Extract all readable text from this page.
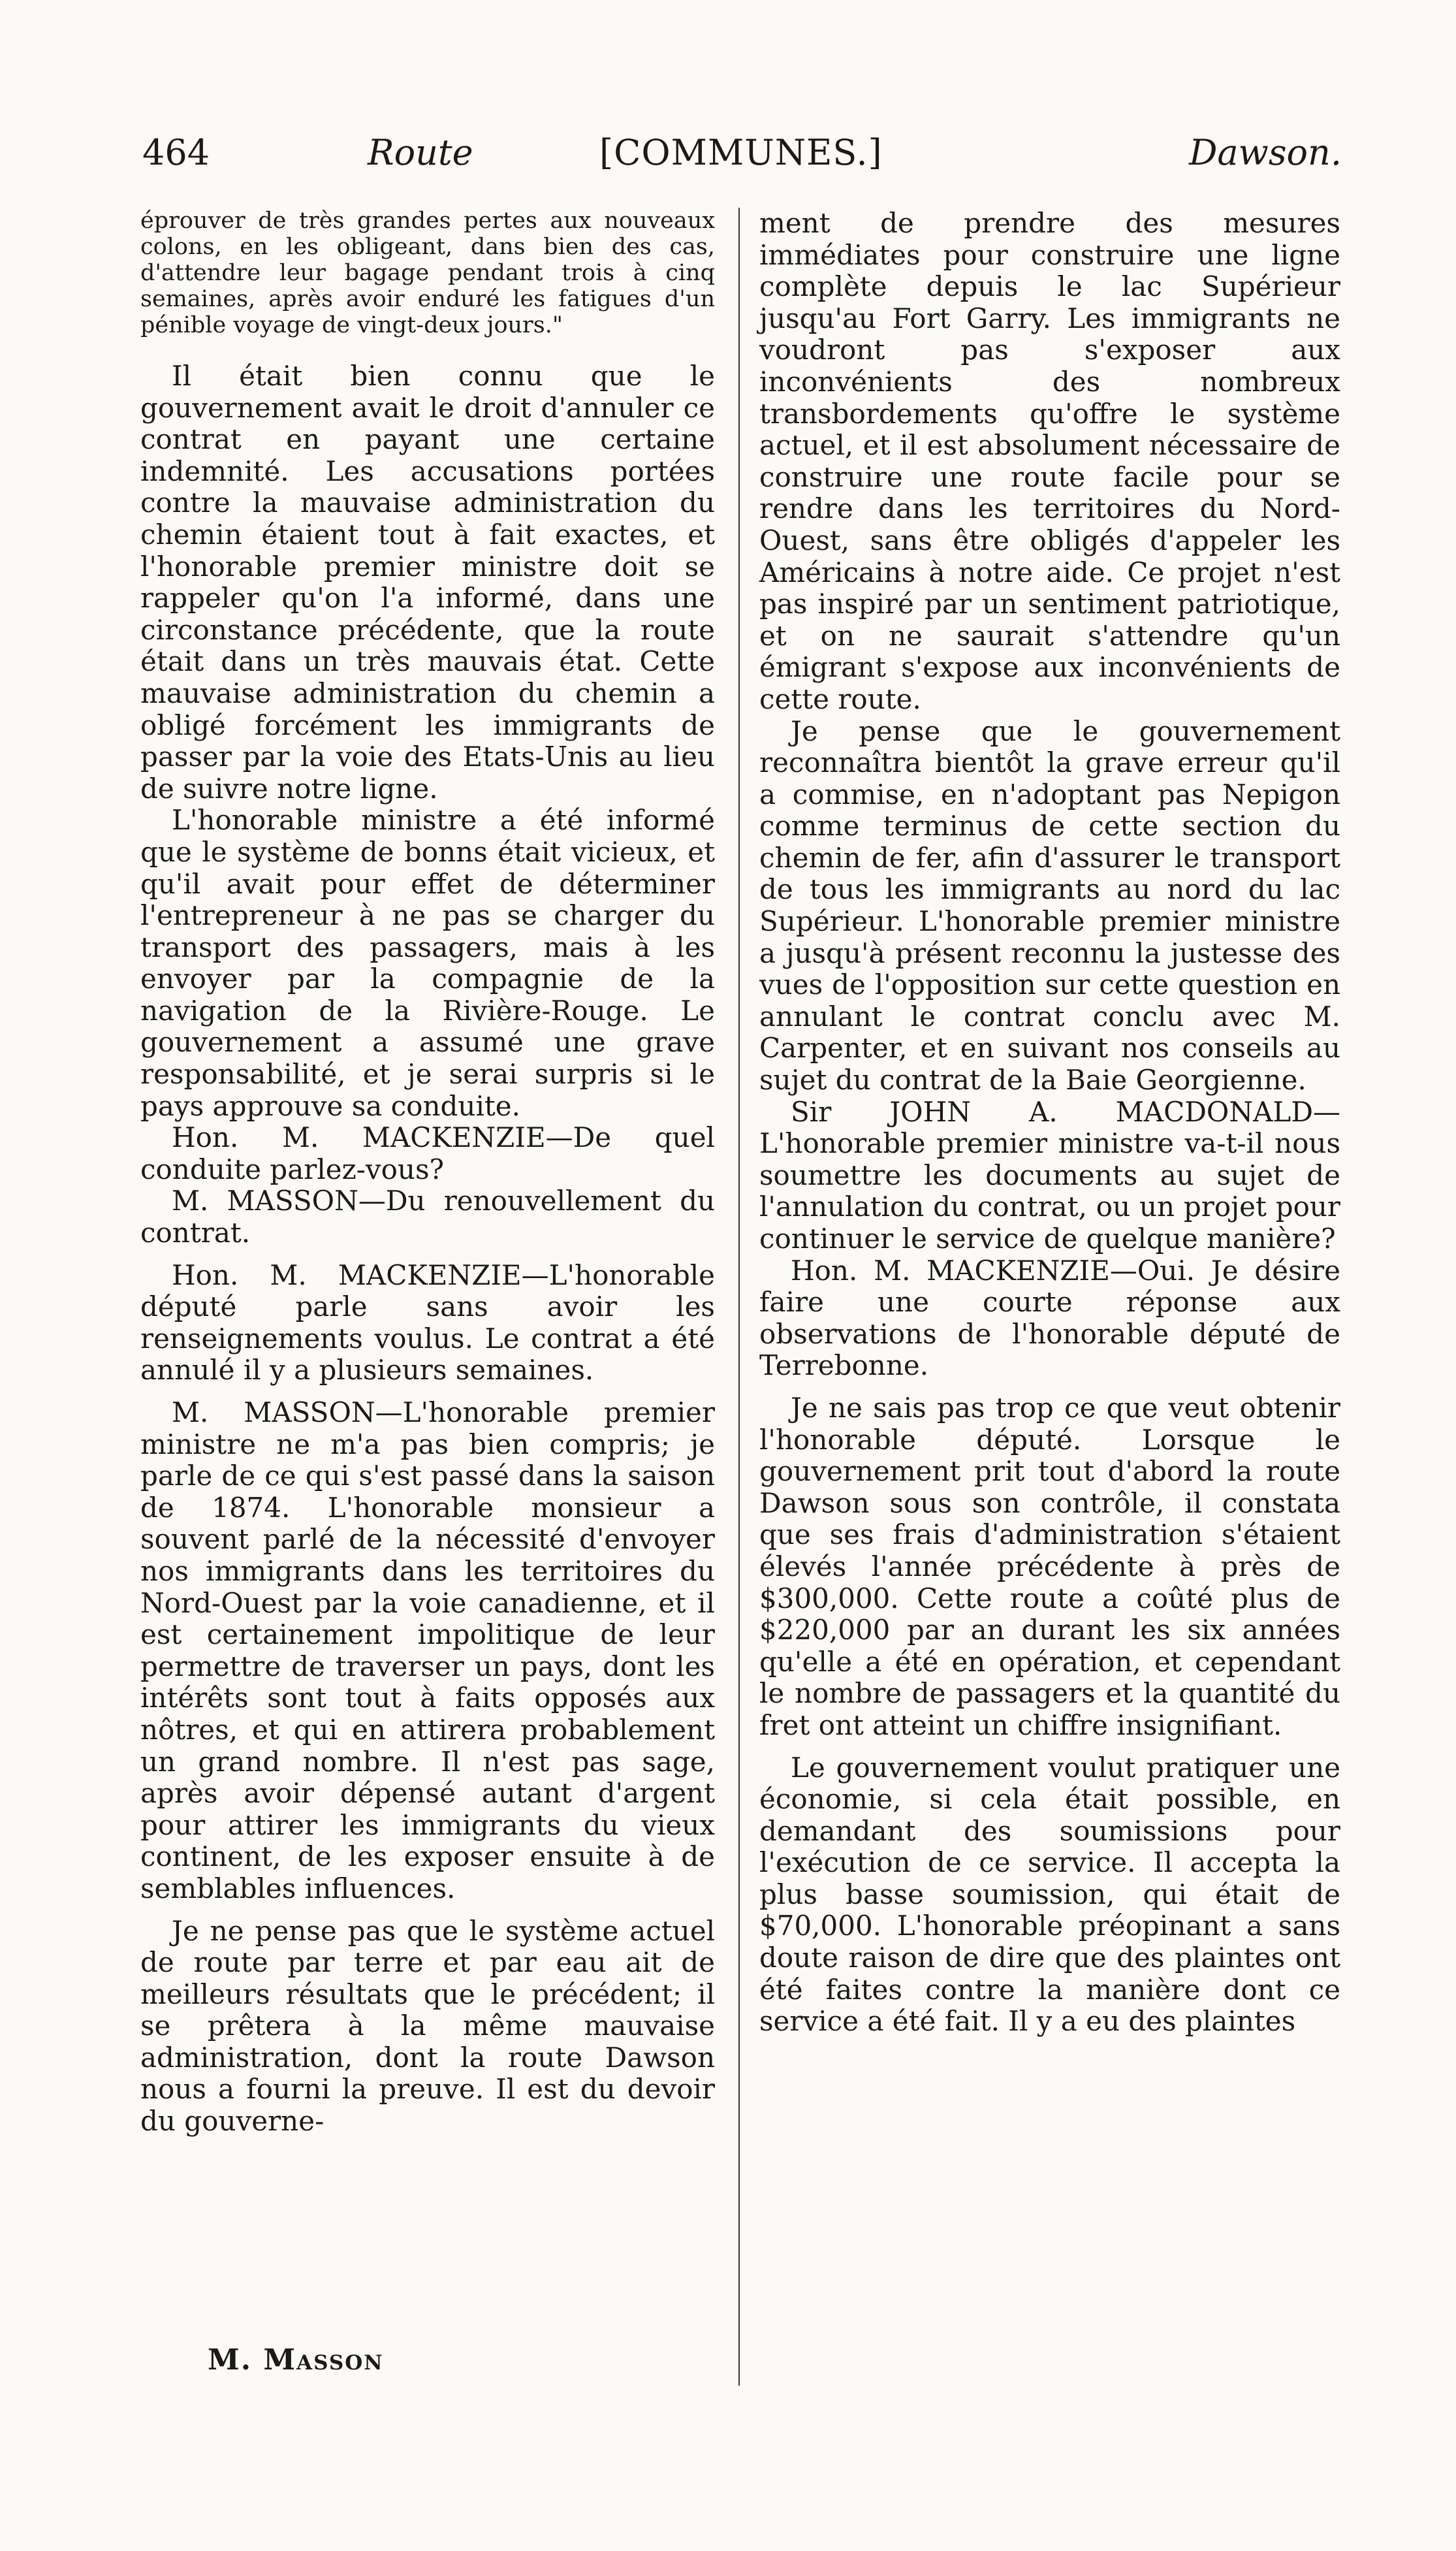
464	Route	[COMMUNES.]	Dawson.

éprouver de très grandes pertes aux nouveaux colons, en les obligeant, dans bien des cas, d'attendre leur bagage pendant trois à cinq semaines, après avoir enduré les fatigues d'un pénible voyage de vingt-deux jours."

Il était bien connu que le gouvernement avait le droit d'annuler ce contrat en payant une certaine indemnité. Les accusations portées contre la mauvaise administration du chemin étaient tout à fait exactes, et l'honorable premier ministre doit se rappeler qu'on l'a informé, dans une circonstance précédente, que la route était dans un très mauvais état. Cette mauvaise administration du chemin a obligé forcément les immigrants de passer par la voie des Etats-Unis au lieu de suivre notre ligne.

L'honorable ministre a été informé que le système de bonns était vicieux, et qu'il avait pour effet de déterminer l'entrepreneur à ne pas se charger du transport des passagers, mais à les envoyer par la compagnie de la navigation de la Rivière-Rouge. Le gouvernement a assumé une grave responsabilité, et je serai surpris si le pays approuve sa conduite.

Hon. M. MACKENZIE—De quel conduite parlez-vous?

M. MASSON—Du renouvellement du contrat.

Hon. M. MACKENZIE—L'honorable député parle sans avoir les renseignements voulus. Le contrat a été annulé il y a plusieurs semaines.

M. MASSON—L'honorable premier ministre ne m'a pas bien compris; je parle de ce qui s'est passé dans la saison de 1874. L'honorable monsieur a souvent parlé de la nécessité d'envoyer nos immigrants dans les territoires du Nord-Ouest par la voie canadienne, et il est certainement impolitique de leur permettre de traverser un pays, dont les intérêts sont tout à faits opposés aux nôtres, et qui en attirera probablement un grand nombre. Il n'est pas sage, après avoir dépensé autant d'argent pour attirer les immigrants du vieux continent, de les exposer ensuite à de semblables influences.

Je ne pense pas que le système actuel de route par terre et par eau ait de meilleurs résultats que le précédent; il se prêtera à la même mauvaise administration, dont la route Dawson nous a fourni la preuve. Il est du devoir du gouverne-

ment de prendre des mesures immédiates pour construire une ligne complète depuis le lac Supérieur jusqu'au Fort Garry. Les immigrants ne voudront pas s'exposer aux inconvénients des nombreux transbordements qu'offre le système actuel, et il est absolument nécessaire de construire une route facile pour se rendre dans les territoires du Nord-Ouest, sans être obligés d'appeler les Américains à notre aide. Ce projet n'est pas inspiré par un sentiment patriotique, et on ne saurait s'attendre qu'un émigrant s'expose aux inconvénients de cette route.

Je pense que le gouvernement reconnaîtra bientôt la grave erreur qu'il a commise, en n'adoptant pas Nepigon comme terminus de cette section du chemin de fer, afin d'assurer le transport de tous les immigrants au nord du lac Supérieur. L'honorable premier ministre a jusqu'à présent reconnu la justesse des vues de l'opposition sur cette question en annulant le contrat conclu avec M. Carpenter, et en suivant nos conseils au sujet du contrat de la Baie Georgienne.

Sir JOHN A. MACDONALD—L'honorable premier ministre va-t-il nous soumettre les documents au sujet de l'annulation du contrat, ou un projet pour continuer le service de quelque manière?

Hon. M. MACKENZIE—Oui. Je désire faire une courte réponse aux observations de l'honorable député de Terrebonne.

Je ne sais pas trop ce que veut obtenir l'honorable député. Lorsque le gouvernement prit tout d'abord la route Dawson sous son contrôle, il constata que ses frais d'administration s'étaient élevés l'année précédente à près de $300,000. Cette route a coûté plus de $220,000 par an durant les six années qu'elle a été en opération, et cependant le nombre de passagers et la quantité du fret ont atteint un chiffre insignifiant.

Le gouvernement voulut pratiquer une économie, si cela était possible, en demandant des soumissions pour l'exécution de ce service. Il accepta la plus basse soumission, qui était de $70,000. L'honorable préopinant a sans doute raison de dire que des plaintes ont été faites contre la manière dont ce service a été fait. Il y a eu des plaintes

M. Masson
